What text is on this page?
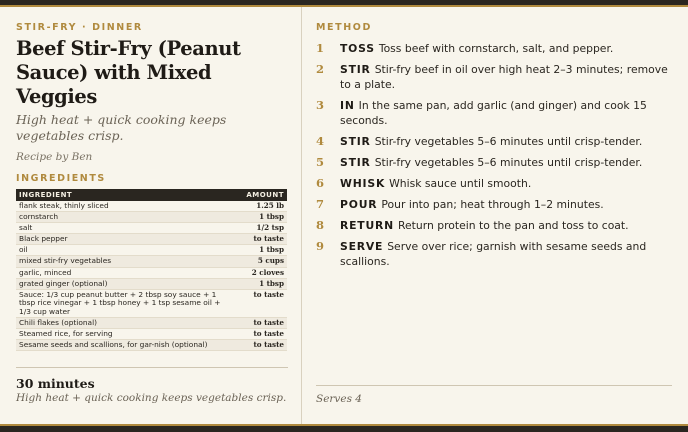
STIR-FRY · DINNER
Beef Stir-Fry (Peanut Sauce) with Mixed Veggies
High heat + quick cooking keeps vegetables crisp.
Recipe by Ben
INGREDIENTS
INGREDIENT	AMOUNT
flank steak, thinly sliced	1.25 lb
cornstarch	1 tbsp
salt	1/2 tsp
Black pepper	to taste
oil	1 tbsp
mixed stir-fry vegetables	5 cups
garlic, minced	2 cloves
grated ginger (optional)	1 tbsp
Sauce: 1/3 cup peanut butter + 2 tbsp soy sauce + 1 tbsp rice vinegar + 1 tbsp honey + 1 tsp sesame oil + 1/3 cup water	to taste
Chili flakes (optional)	to taste
Steamed rice, for serving	to taste
Sesame seeds and scallions, for gar-nish (optional)	to taste
30 minutes
High heat + quick cooking keeps vegetables crisp.
METHOD
1	TOSS Toss beef with cornstarch, salt, and pepper.
2	STIR Stir-fry beef in oil over high heat 2–3 minutes; remove to a plate.
3	IN In the same pan, add garlic (and ginger) and cook 15 seconds.
4	STIR Stir-fry vegetables 5–6 minutes until crisp-tender.
5	STIR Stir-fry vegetables 5–6 minutes until crisp-tender.
6	WHISK Whisk sauce until smooth.
7	POUR Pour into pan; heat through 1–2 minutes.
8	RETURN Return protein to the pan and toss to coat.
9	SERVE Serve over rice; garnish with sesame seeds and scallions.
Serves 4
